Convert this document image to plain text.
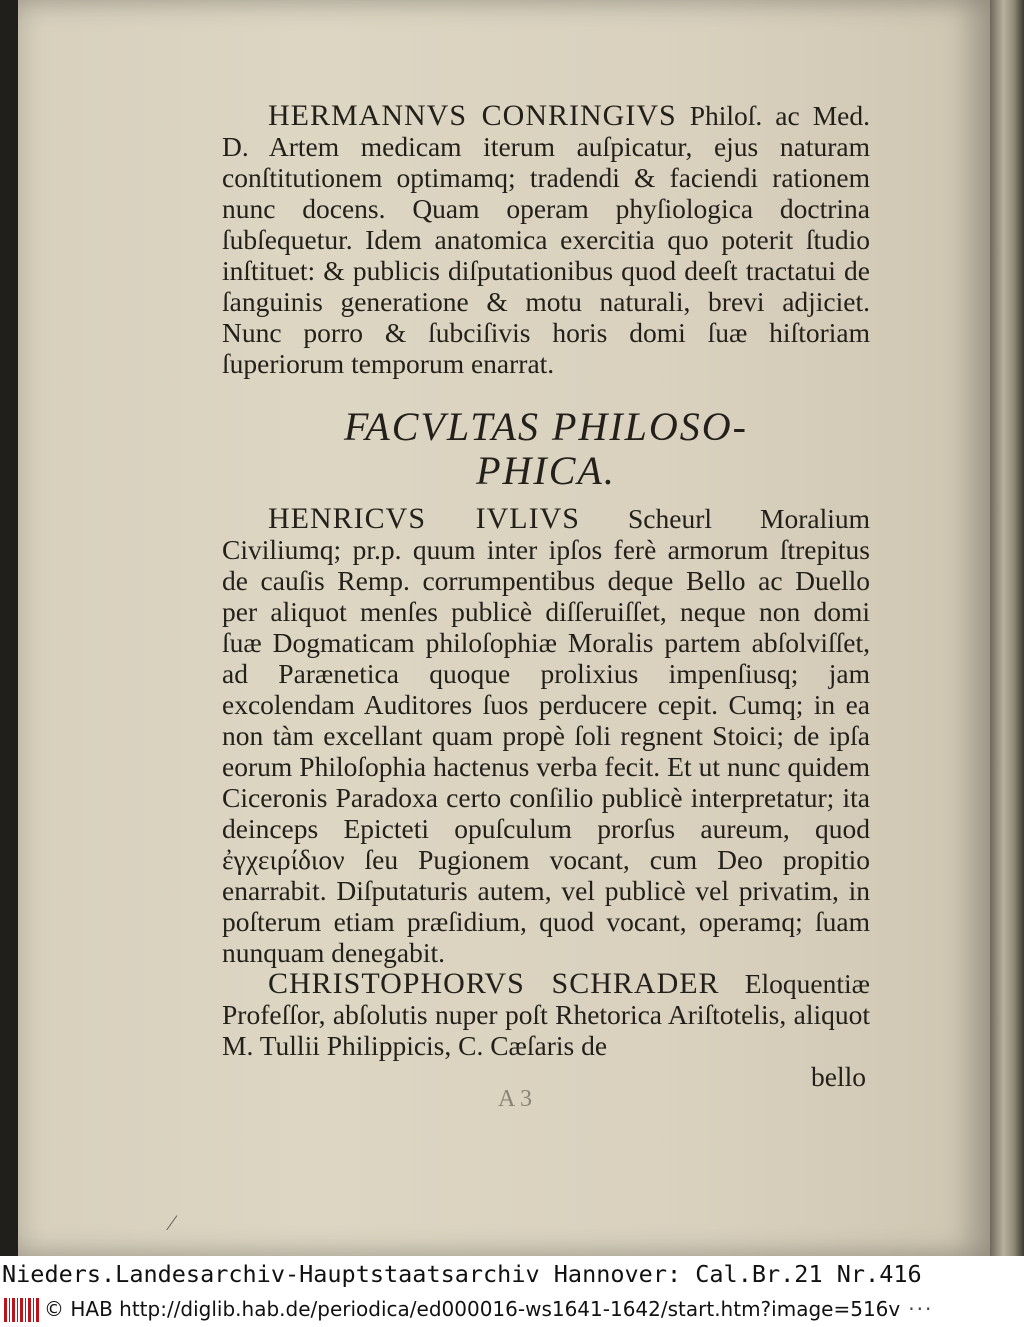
HERMANNVS CONRINGIVS Philoſ. ac Med. D. Artem medicam iterum auſpicatur, ejus naturam conſtitutionem optimamq; tradendi & faciendi rationem nunc docens. Quam operam phyſiologica doctrina ſubſequetur. Idem anatomica exercitia quo poterit ſtudio inſtituet: & publicis diſputationibus quod deeſt tractatui de ſanguinis generatione & motu naturali, brevi adjiciet. Nunc porro & ſubciſivis horis domi ſuæ hiſtoriam ſuperiorum temporum enarrat.

FACVLTAS PHILOSO-
PHICA.

HENRICVS IVLIVS Scheurl Moralium Civiliumq; pr.p. quum inter ipſos ferè armorum ſtrepitus de cauſis Remp. corrumpentibus deque Bello ac Duello per aliquot menſes publicè diſſeruiſſet, neque non domi ſuæ Dogmaticam philoſophiæ Moralis partem abſolviſſet, ad Parænetica quoque prolixius impenſiusq; jam excolendam Auditores ſuos perducere cepit. Cumq; in ea non tàm excellant quam propè ſoli regnent Stoici; de ipſa eorum Philoſophia hactenus verba fecit. Et ut nunc quidem Ciceronis Paradoxa certo conſilio publicè interpretatur; ita deinceps Epicteti opuſculum prorſus aureum, quod ἐγχειρίδιον ſeu Pugionem vocant, cum Deo propitio enarrabit. Diſputaturis autem, vel publicè vel privatim, in poſterum etiam præſidium, quod vocant, operamq; ſuam nunquam denegabit.

CHRISTOPHORVS SCHRADER Eloquentiæ Profeſſor, abſolutis nuper poſt Rhetorica Ariſtotelis, aliquot M. Tullii Philippicis, C. Cæſaris de

bello
A 3
⁄
Nieders.Landesarchiv-Hauptstaatsarchiv Hannover: Cal.Br.21 Nr.416
© HAB http://diglib.hab.de/periodica/ed000016-ws1641-1642/start.htm?image=516v ···
